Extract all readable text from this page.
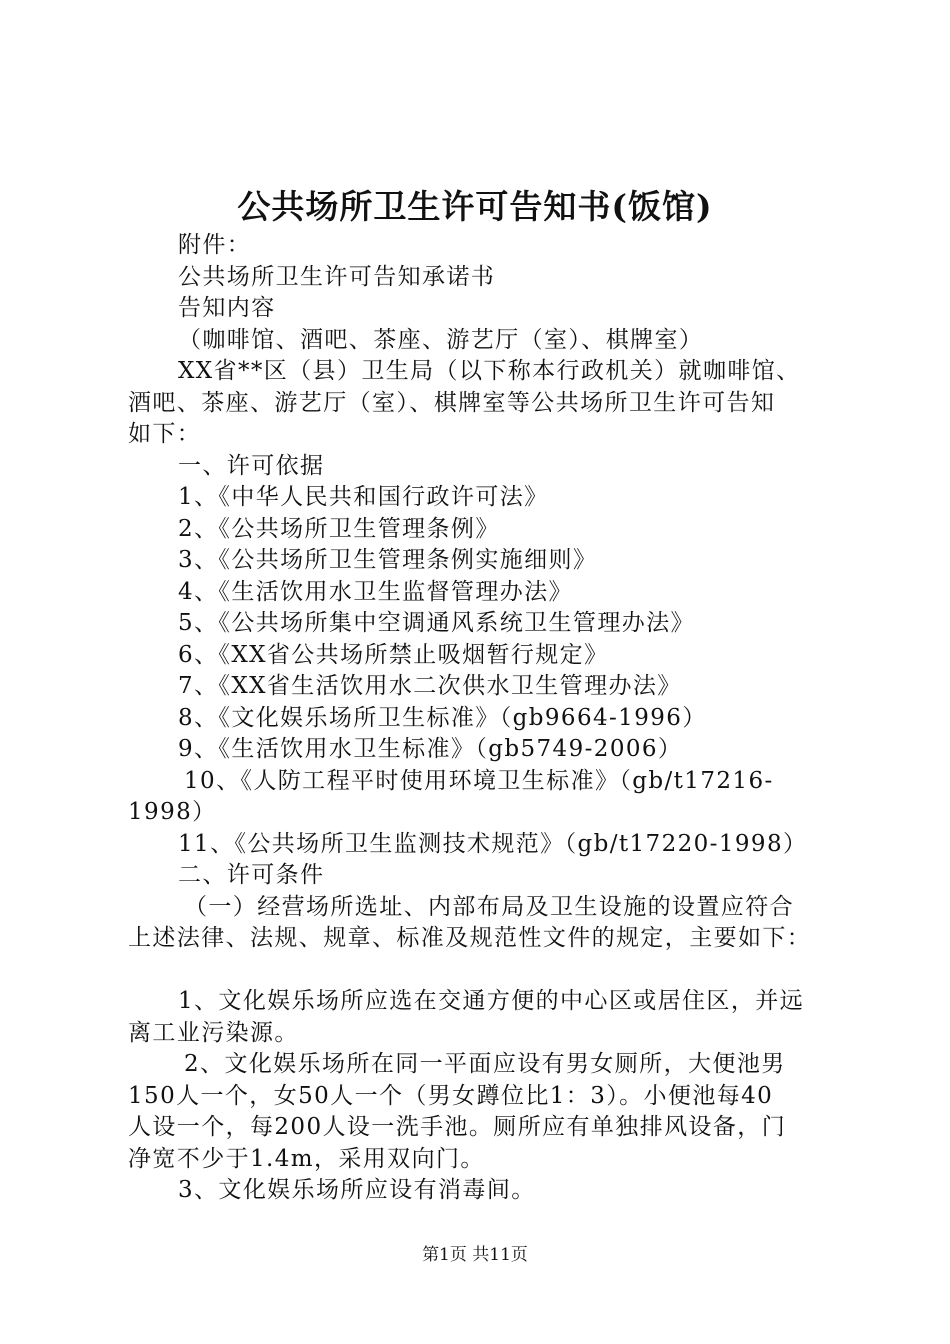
公共场所卫生许可告知书(饭馆)

附件：

公共场所卫生许可告知承诺书

告知内容

（咖啡馆、酒吧、茶座、游艺厅（室）、棋牌室）

XX省**区（县）卫生局（以下称本行政机关）就咖啡馆、

酒吧、茶座、游艺厅（室）、棋牌室等公共场所卫生许可告知

如下：

一、许可依据

1、《中华人民共和国行政许可法》

2、《公共场所卫生管理条例》

3、《公共场所卫生管理条例实施细则》

4、《生活饮用水卫生监督管理办法》

5、《公共场所集中空调通风系统卫生管理办法》

6、《XX省公共场所禁止吸烟暂行规定》

7、《XX省生活饮用水二次供水卫生管理办法》

8、《文化娱乐场所卫生标准》（gb9664-1996）

9、《生活饮用水卫生标准》（gb5749-2006）

10、《人防工程平时使用环境卫生标准》（gb/t17216-

1998）

11、《公共场所卫生监测技术规范》（gb/t17220-1998）

二、许可条件

（一）经营场所选址、内部布局及卫生设施的设置应符合

上述法律、法规、规章、标准及规范性文件的规定，主要如下：

1、文化娱乐场所应选在交通方便的中心区或居住区，并远

离工业污染源。

2、文化娱乐场所在同一平面应设有男女厕所，大便池男

150人一个，女50人一个（男女蹲位比1：3）。小便池每40

人设一个，每200人设一洗手池。厕所应有单独排风设备，门

净宽不少于1.4m，采用双向门。

3、文化娱乐场所应设有消毒间。

第1页 共11页
